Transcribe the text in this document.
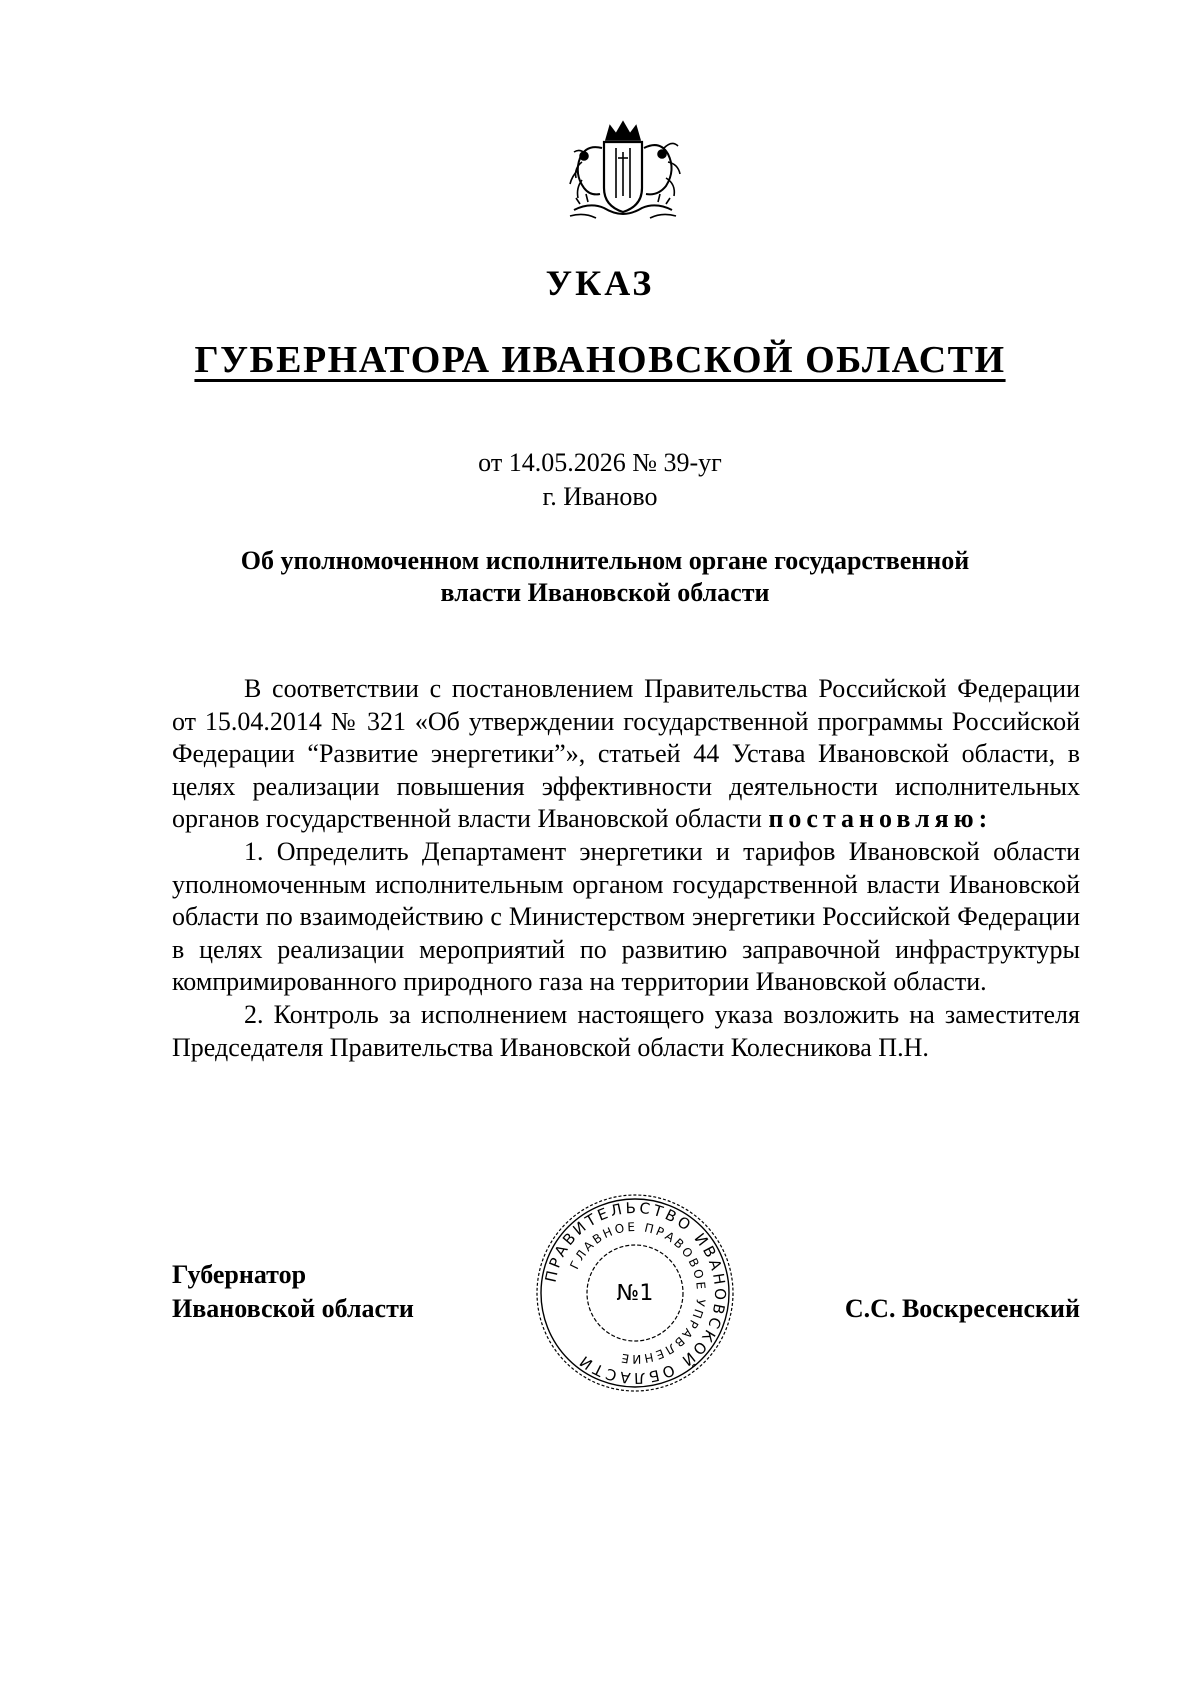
УКАЗ
ГУБЕРНАТОРА ИВАНОВСКОЙ ОБЛАСТИ
от 14.05.2026 № 39-уг
г. Иваново
Об уполномоченном исполнительном органе государственной
власти Ивановской области

В соответствии с постановлением Правительства Российской Федерации от 15.04.2014 № 321 «Об утверждении государственной программы Российской Федерации “Развитие энергетики”», статьей 44 Устава Ивановской области, в целях реализации повышения эффективности деятельности исполнительных органов государственной власти Ивановской области постановляю:

1. Определить Департамент энергетики и тарифов Ивановской области уполномоченным исполнительным органом государственной власти Ивановской области по взаимодействию с Министерством энергетики Российской Федерации в целях реализации мероприятий по развитию заправочной инфраструктуры компримированного природного газа на территории Ивановской области.

2. Контроль за исполнением настоящего указа возложить на заместителя Председателя Правительства Ивановской области Колесникова П.Н.

Губернатор
Ивановской области
ПРАВИТЕЛЬСТВО ИВАНОВСКОЙ ОБЛАСТИ
ГЛАВНОЕ ПРАВОВОЕ УПРАВЛЕНИЕ
№1
С.С. Воскресенский
